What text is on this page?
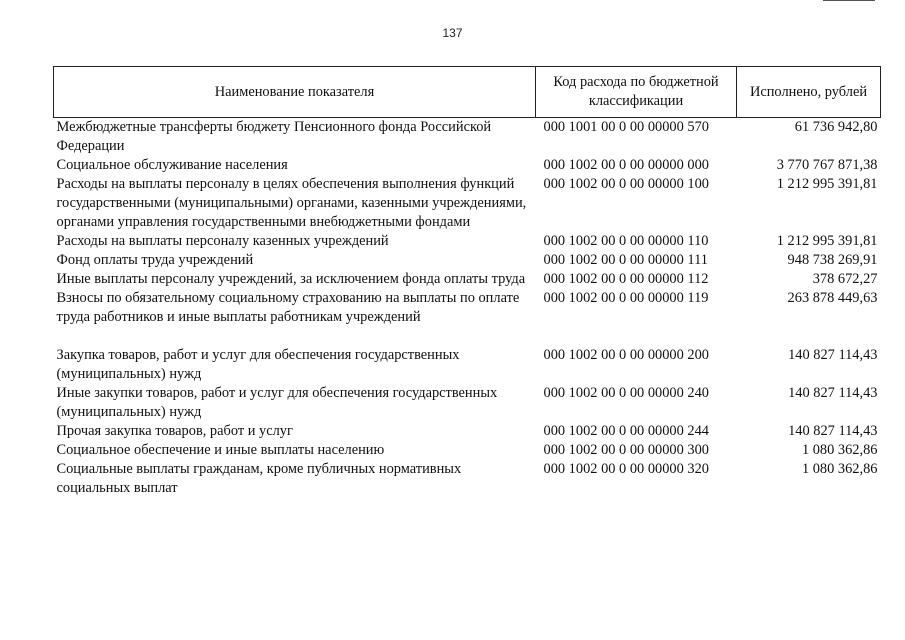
137
Наименование показателя	Код расхода по бюджетной классификации	Исполнено, рублей
Межбюджетные трансферты бюджету Пенсионного фонда Российской Федерации	000 1001 00 0 00 00000 570	61 736 942,80
Социальное обслуживание населения	000 1002 00 0 00 00000 000	3 770 767 871,38
Расходы на выплаты персоналу в целях обеспечения выполнения функций государственными (муниципальными) органами, казенными учреждениями, органами управления государственными внебюджетными фондами	000 1002 00 0 00 00000 100	1 212 995 391,81
Расходы на выплаты персоналу казенных учреждений	000 1002 00 0 00 00000 110	1 212 995 391,81
Фонд оплаты труда учреждений	000 1002 00 0 00 00000 111	948 738 269,91
Иные выплаты персоналу учреждений, за исключением фонда оплаты труда	000 1002 00 0 00 00000 112	378 672,27
Взносы по обязательному социальному страхованию на выплаты по оплате труда работников и иные выплаты работникам учреждений	000 1002 00 0 00 00000 119	263 878 449,63
Закупка товаров, работ и услуг для обеспечения государственных (муниципальных) нужд	000 1002 00 0 00 00000 200	140 827 114,43
Иные закупки товаров, работ и услуг для обеспечения государственных (муниципальных) нужд	000 1002 00 0 00 00000 240	140 827 114,43
Прочая закупка товаров, работ и услуг	000 1002 00 0 00 00000 244	140 827 114,43
Социальное обеспечение и иные выплаты населению	000 1002 00 0 00 00000 300	1 080 362,86
Социальные выплаты гражданам, кроме публичных нормативных социальных выплат	000 1002 00 0 00 00000 320	1 080 362,86
